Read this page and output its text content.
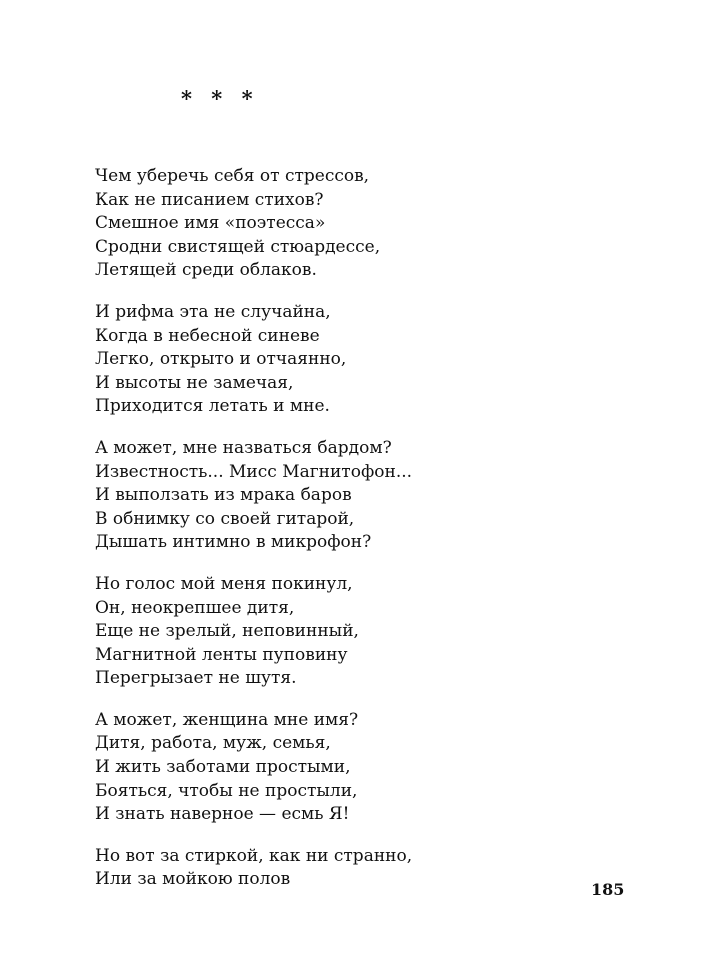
* * *
Чем уберечь себя от стрессов,
Как не писанием стихов?
Смешное имя «поэтесса»
Сродни свистящей стюардессе,
Летящей среди облаков.
И рифма эта не случайна,
Когда в небесной синеве
Легко, открыто и отчаянно,
И высоты не замечая,
Приходится летать и мне.
А может, мне назваться бардом?
Известность... Мисс Магнитофон...
И выползать из мрака баров
В обнимку со своей гитарой,
Дышать интимно в микрофон?
Но голос мой меня покинул,
Он, неокрепшее дитя,
Еще не зрелый, неповинный,
Магнитной ленты пуповину
Перегрызает не шутя.
А может, женщина мне имя?
Дитя, работа, муж, семья,
И жить заботами простыми,
Бояться, чтобы не простыли,
И знать наверное — есмь Я!
Но вот за стиркой, как ни странно,
Или за мойкою полов
185
